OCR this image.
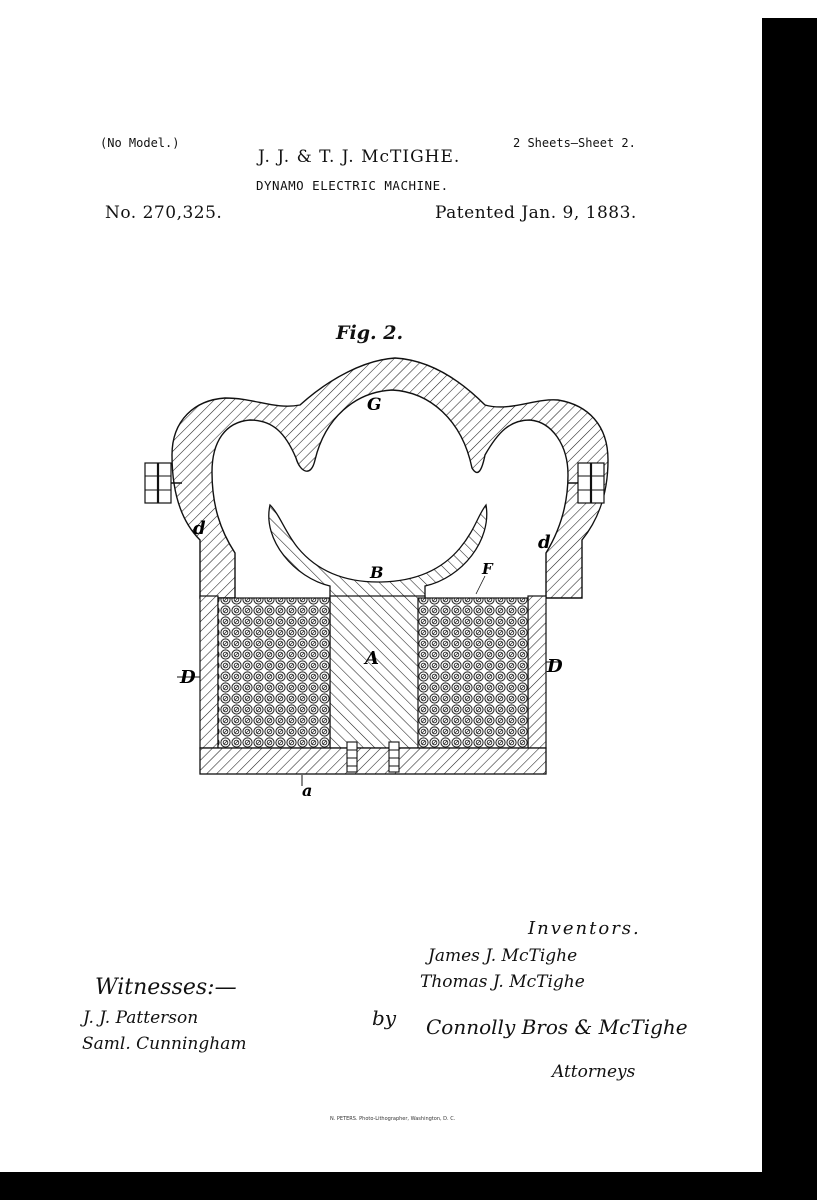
(No Model.)	2 Sheets—Sheet 2.
J. J. & T. J. McTIGHE.
DYNAMO ELECTRIC MACHINE.
No. 270,325.	Patented Jan. 9, 1883.
Fig. 2.
G
B
A
F
D
D
d
d
a
Inventors.
James J. McTighe
Thomas J. McTighe
Witnesses:—
J. J. Patterson
Saml. Cunningham
by Connolly Bros & McTighe
Attorneys
N. PETERS. Photo-Lithographer, Washington, D. C.
